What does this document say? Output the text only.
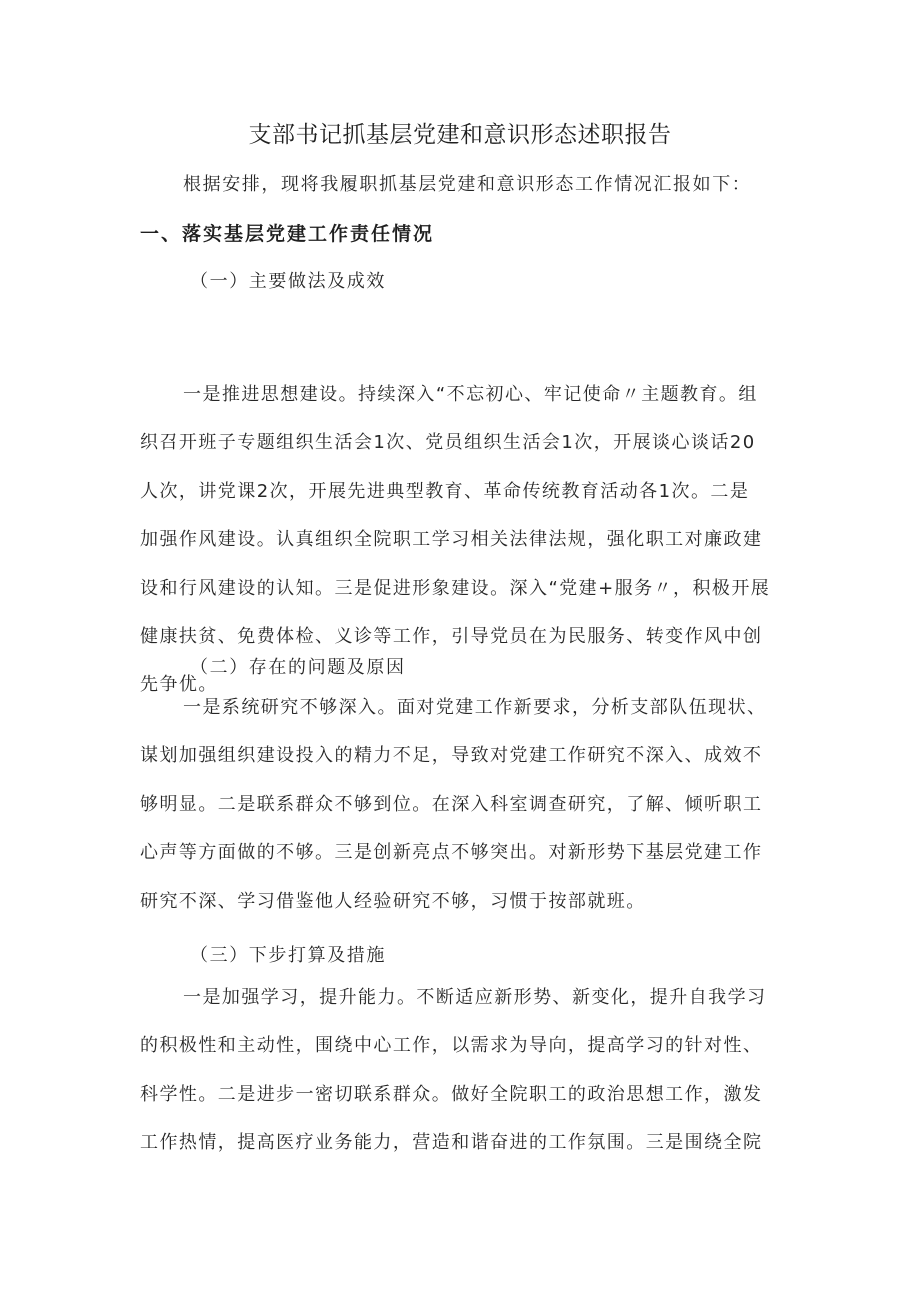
支部书记抓基层党建和意识形态述职报告
根据安排，现将我履职抓基层党建和意识形态工作情况汇报如下：
一、落实基层党建工作责任情况
（一）主要做法及成效
一是推进思想建设。持续深入“不忘初心、牢记使命〃主题教育。组
织召开班子专题组织生活会1次、党员组织生活会1次，开展谈心谈话20
人次，讲党课2次，开展先进典型教育、革命传统教育活动各1次。二是
加强作风建设。认真组织全院职工学习相关法律法规，强化职工对廉政建
设和行风建设的认知。三是促进形象建设。深入“党建+服务〃，积极开展
健康扶贫、免费体检、义诊等工作，引导党员在为民服务、转变作风中创
先争优。
（二）存在的问题及原因
一是系统研究不够深入。面对党建工作新要求，分析支部队伍现状、
谋划加强组织建设投入的精力不足，导致对党建工作研究不深入、成效不
够明显。二是联系群众不够到位。在深入科室调查研究，了解、倾听职工
心声等方面做的不够。三是创新亮点不够突出。对新形势下基层党建工作
研究不深、学习借鉴他人经验研究不够，习惯于按部就班。
（三）下步打算及措施
一是加强学习，提升能力。不断适应新形势、新变化，提升自我学习
的积极性和主动性，围绕中心工作，以需求为导向，提高学习的针对性、
科学性。二是进步一密切联系群众。做好全院职工的政治思想工作，激发
工作热情，提高医疗业务能力，营造和谐奋进的工作氛围。三是围绕全院
